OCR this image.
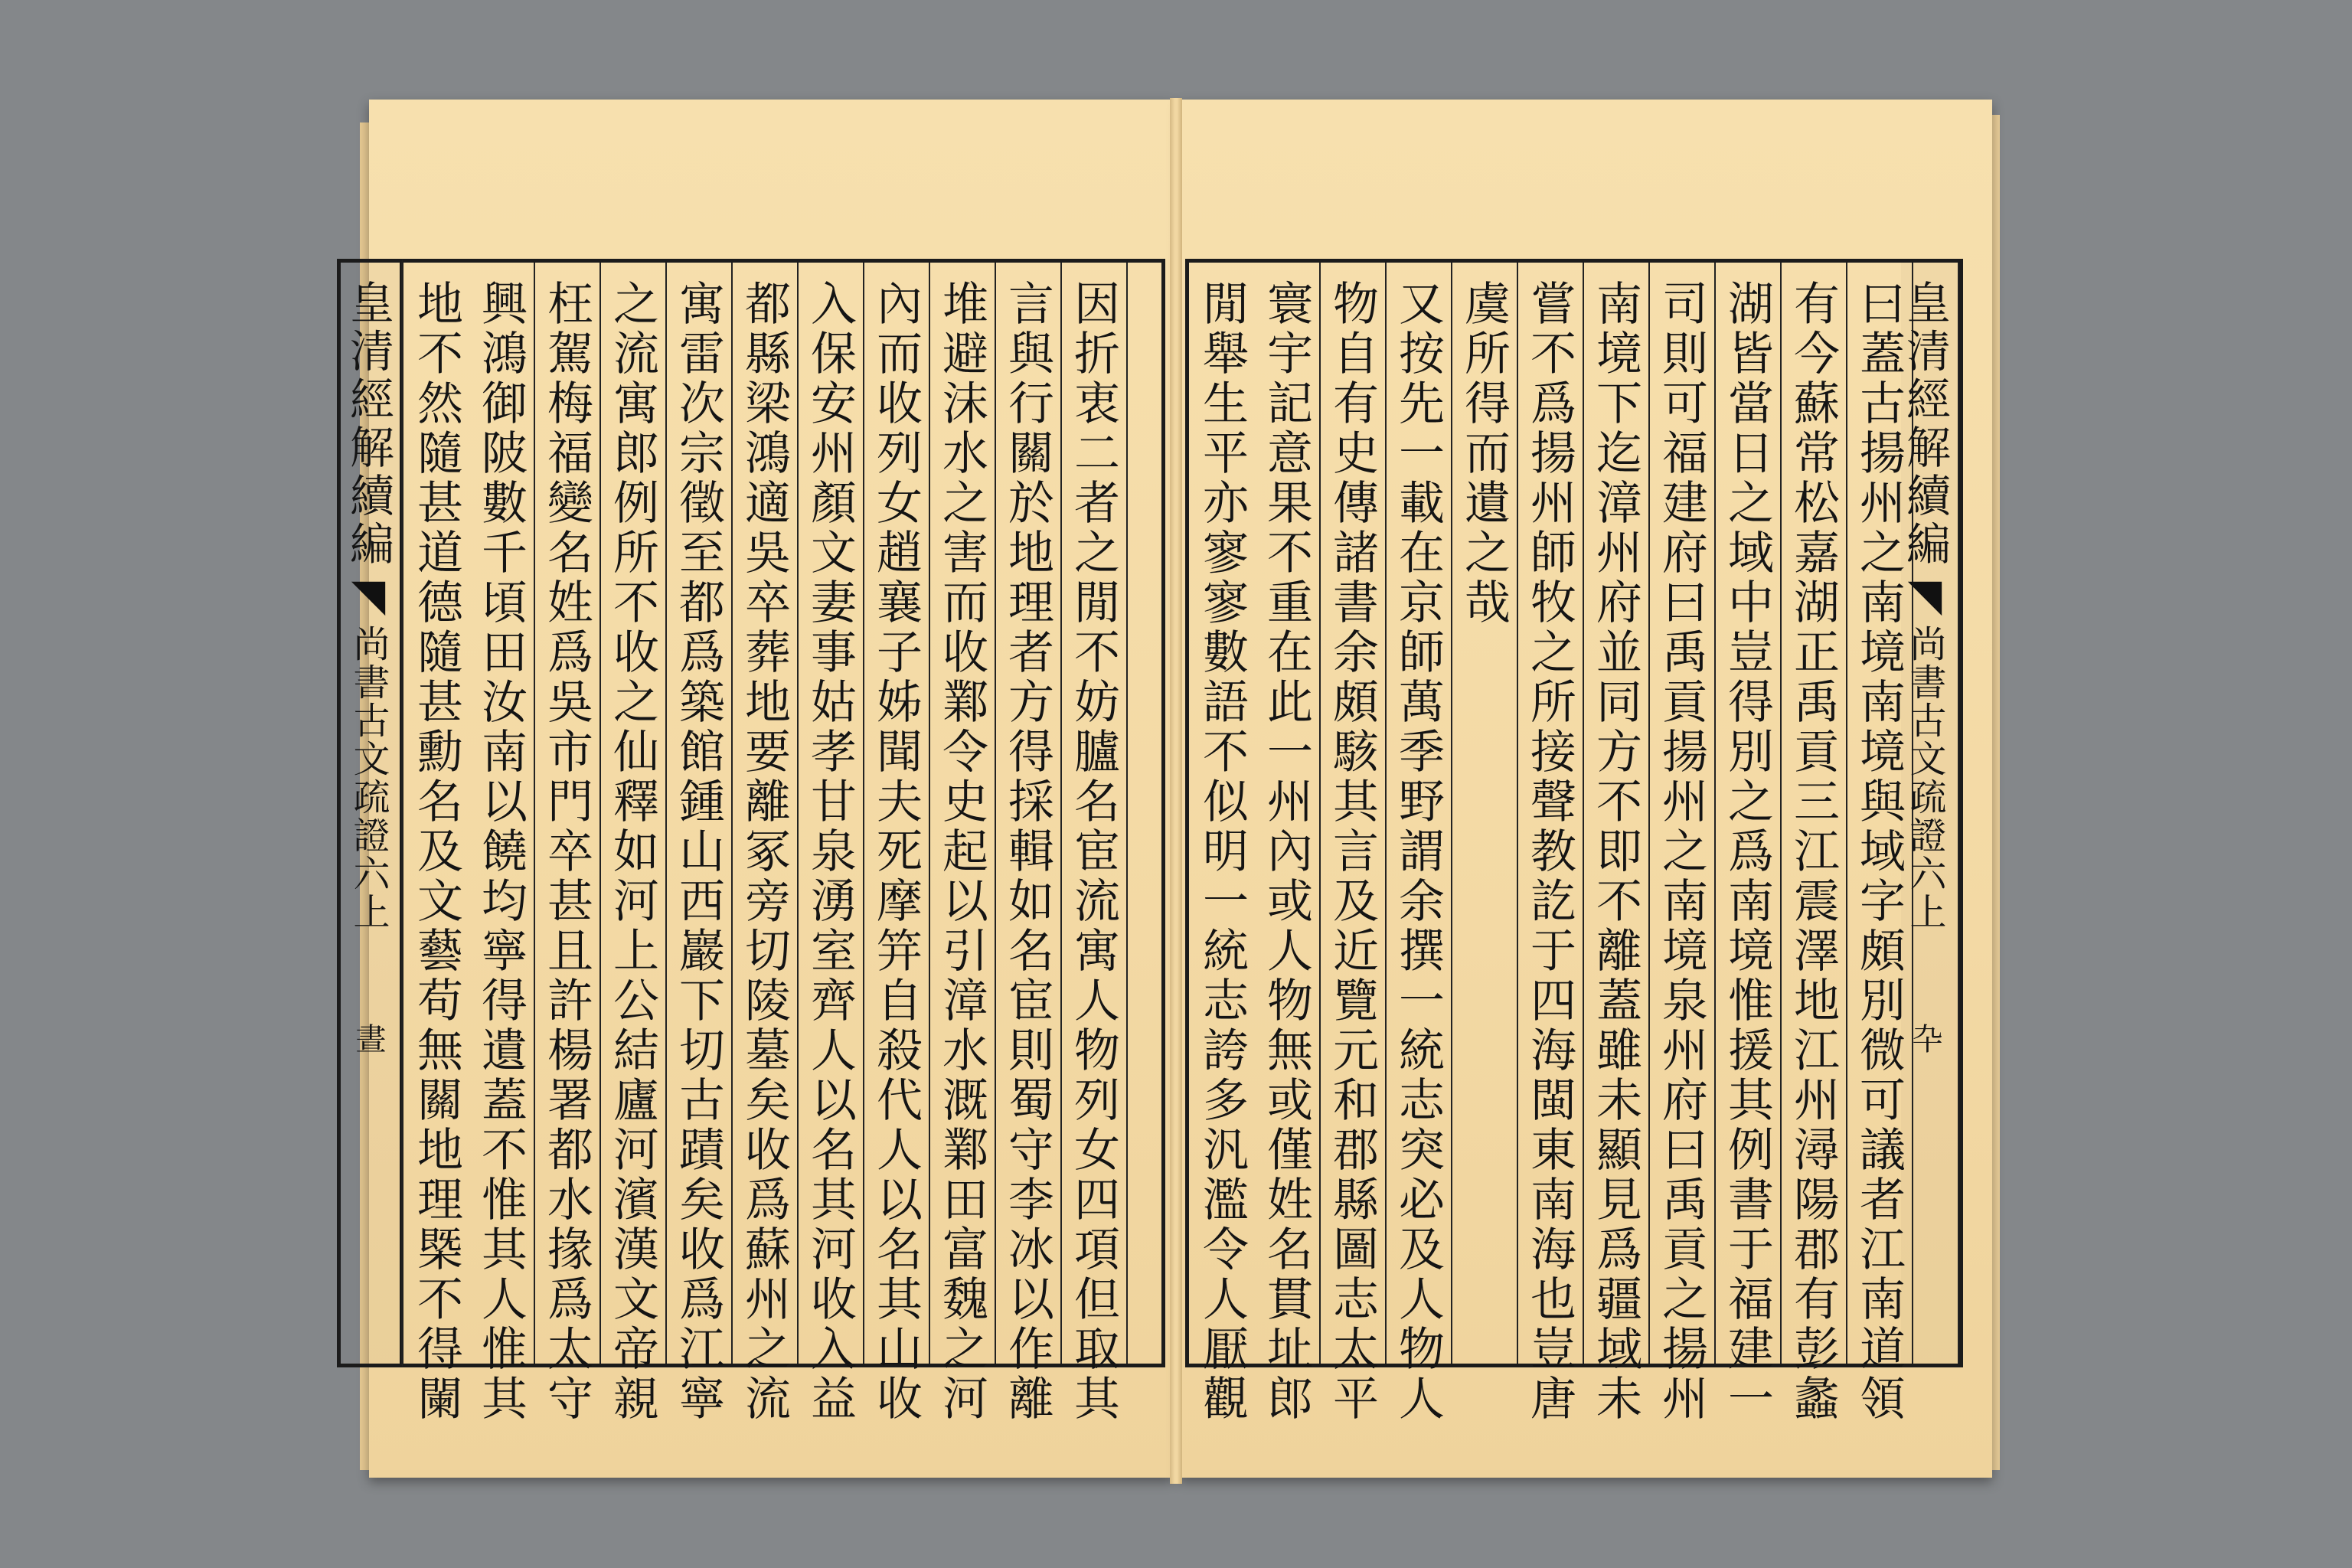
地不然隨甚道德隨甚勳名及文藝苟無關地理槩不得闌 興鴻御陂數千頃田汝南以饒均寧得遺蓋不惟其人惟其 枉駕梅福變名姓爲吳市門卒甚且許楊署都水掾爲太守 之流寓郎例所不收之仙釋如河上公結廬河濱漢文帝親 寓雷次宗徵至都爲築館鍾山西巖下切古蹟矣收爲江寧 都縣梁鴻適吳卒葬地要離冢旁切陵墓矣收爲蘇州之流 入保安州顏文妻事姑孝甘泉湧室齊人以名其河收入益 內而收列女趙襄子姊聞夫死摩笄自殺代人以名其山收 堆避沫水之害而收鄴令史起以引漳水溉鄴田富魏之河 言與行關於地理者方得採輯如名宦則蜀守李冰以作離 因折衷二者之閒不妨臚名宦流寓人物列女四項但取其
皇清經解續編◥尚書古文疏證六上晝	閒舉生平亦寥寥數語不似明一統志誇多汎濫令人厭觀 寰宇記意果不重在此一州內或人物無或僅姓名貫址郎 物自有史傳諸書余頗駭其言及近覽元和郡縣圖志太平 又按先一載在京師萬季野謂余撰一統志突必及人物人 虞所得而遺之哉 嘗不爲揚州師牧之所接聲教訖于四海閩東南海也豈唐 南境下迄漳州府並同方不即不離蓋雖未顯見爲疆域未 司則可福建府曰禹貢揚州之南境泉州府曰禹貢之揚州 湖皆當日之域中豈得別之爲南境惟援其例書于福建一 有今蘇常松嘉湖正禹貢三江震澤地江州潯陽郡有彭蠡 曰蓋古揚州之南境南境與域字頗別微可議者江南道領
皇清經解續編◥尚書古文疏證六上卆
